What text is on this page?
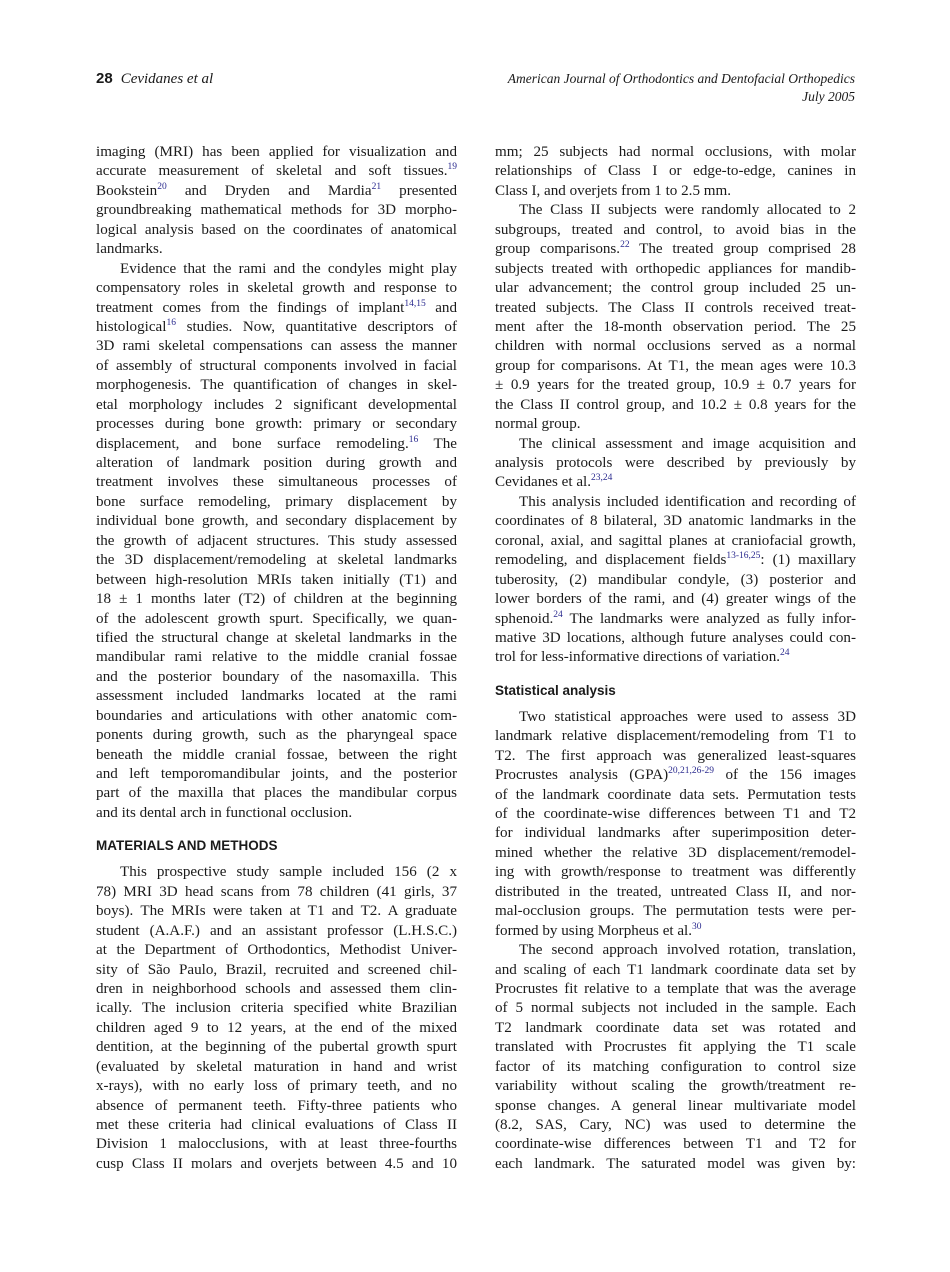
28 Cevidanes et al	American Journal of Orthodontics and Dentofacial Orthopedics
July 2005
imaging (MRI) has been applied for visualization and
accurate measurement of skeletal and soft tissues.$^{19}$
Bookstein$^{20}$ and Dryden and Mardia$^{21}$ presented
groundbreaking mathematical methods for 3D morpho-
logical analysis based on the coordinates of anatomical
landmarks.
Evidence that the rami and the condyles might play
compensatory roles in skeletal growth and response to
treatment comes from the findings of implant$^{14,15}$ and
histological$^{16}$ studies. Now, quantitative descriptors of
3D rami skeletal compensations can assess the manner
of assembly of structural components involved in facial
morphogenesis. The quantification of changes in skel-
etal morphology includes 2 significant developmental
processes during bone growth: primary or secondary
displacement, and bone surface remodeling.$^{16}$ The
alteration of landmark position during growth and
treatment involves these simultaneous processes of
bone surface remodeling, primary displacement by
individual bone growth, and secondary displacement by
the growth of adjacent structures. This study assessed
the 3D displacement/remodeling at skeletal landmarks
between high-resolution MRIs taken initially (T1) and
18 ± 1 months later (T2) of children at the beginning
of the adolescent growth spurt. Specifically, we quan-
tified the structural change at skeletal landmarks in the
mandibular rami relative to the middle cranial fossae
and the posterior boundary of the nasomaxilla. This
assessment included landmarks located at the rami
boundaries and articulations with other anatomic com-
ponents during growth, such as the pharyngeal space
beneath the middle cranial fossae, between the right
and left temporomandibular joints, and the posterior
part of the maxilla that places the mandibular corpus
and its dental arch in functional occlusion.
MATERIALS AND METHODS
This prospective study sample included 156 (2 x
78) MRI 3D head scans from 78 children (41 girls, 37
boys). The MRIs were taken at T1 and T2. A graduate
student (A.A.F.) and an assistant professor (L.H.S.C.)
at the Department of Orthodontics, Methodist Univer-
sity of São Paulo, Brazil, recruited and screened chil-
dren in neighborhood schools and assessed them clin-
ically. The inclusion criteria specified white Brazilian
children aged 9 to 12 years, at the end of the mixed
dentition, at the beginning of the pubertal growth spurt
(evaluated by skeletal maturation in hand and wrist
x-rays), with no early loss of primary teeth, and no
absence of permanent teeth. Fifty-three patients who
met these criteria had clinical evaluations of Class II
Division 1 malocclusions, with at least three-fourths
cusp Class II molars and overjets between 4.5 and 10
mm; 25 subjects had normal occlusions, with molar
relationships of Class I or edge-to-edge, canines in
Class I, and overjets from 1 to 2.5 mm.
The Class II subjects were randomly allocated to 2
subgroups, treated and control, to avoid bias in the
group comparisons.$^{22}$ The treated group comprised 28
subjects treated with orthopedic appliances for mandib-
ular advancement; the control group included 25 un-
treated subjects. The Class II controls received treat-
ment after the 18-month observation period. The 25
children with normal occlusions served as a normal
group for comparisons. At T1, the mean ages were 10.3
± 0.9 years for the treated group, 10.9 ± 0.7 years for
the Class II control group, and 10.2 ± 0.8 years for the
normal group.
The clinical assessment and image acquisition and
analysis protocols were described by previously by
Cevidanes et al.$^{23,24}$
This analysis included identification and recording of
coordinates of 8 bilateral, 3D anatomic landmarks in the
coronal, axial, and sagittal planes at craniofacial growth,
remodeling, and displacement fields$^{13-16,25}$: (1) maxillary
tuberosity, (2) mandibular condyle, (3) posterior and
lower borders of the rami, and (4) greater wings of the
sphenoid.$^{24}$ The landmarks were analyzed as fully infor-
mative 3D locations, although future analyses could con-
trol for less-informative directions of variation.$^{24}$
Statistical analysis
Two statistical approaches were used to assess 3D
landmark relative displacement/remodeling from T1 to
T2. The first approach was generalized least-squares
Procrustes analysis (GPA)$^{20,21,26-29}$ of the 156 images
of the landmark coordinate data sets. Permutation tests
of the coordinate-wise differences between T1 and T2
for individual landmarks after superimposition deter-
mined whether the relative 3D displacement/remodel-
ing with growth/response to treatment was differently
distributed in the treated, untreated Class II, and nor-
mal-occlusion groups. The permutation tests were per-
formed by using Morpheus et al.$^{30}$
The second approach involved rotation, translation,
and scaling of each T1 landmark coordinate data set by
Procrustes fit relative to a template that was the average
of 5 normal subjects not included in the sample. Each
T2 landmark coordinate data set was rotated and
translated with Procrustes fit applying the T1 scale
factor of its matching configuration to control size
variability without scaling the growth/treatment re-
sponse changes. A general linear multivariate model
(8.2, SAS, Cary, NC) was used to determine the
coordinate-wise differences between T1 and T2 for
each landmark. The saturated model was given by:
